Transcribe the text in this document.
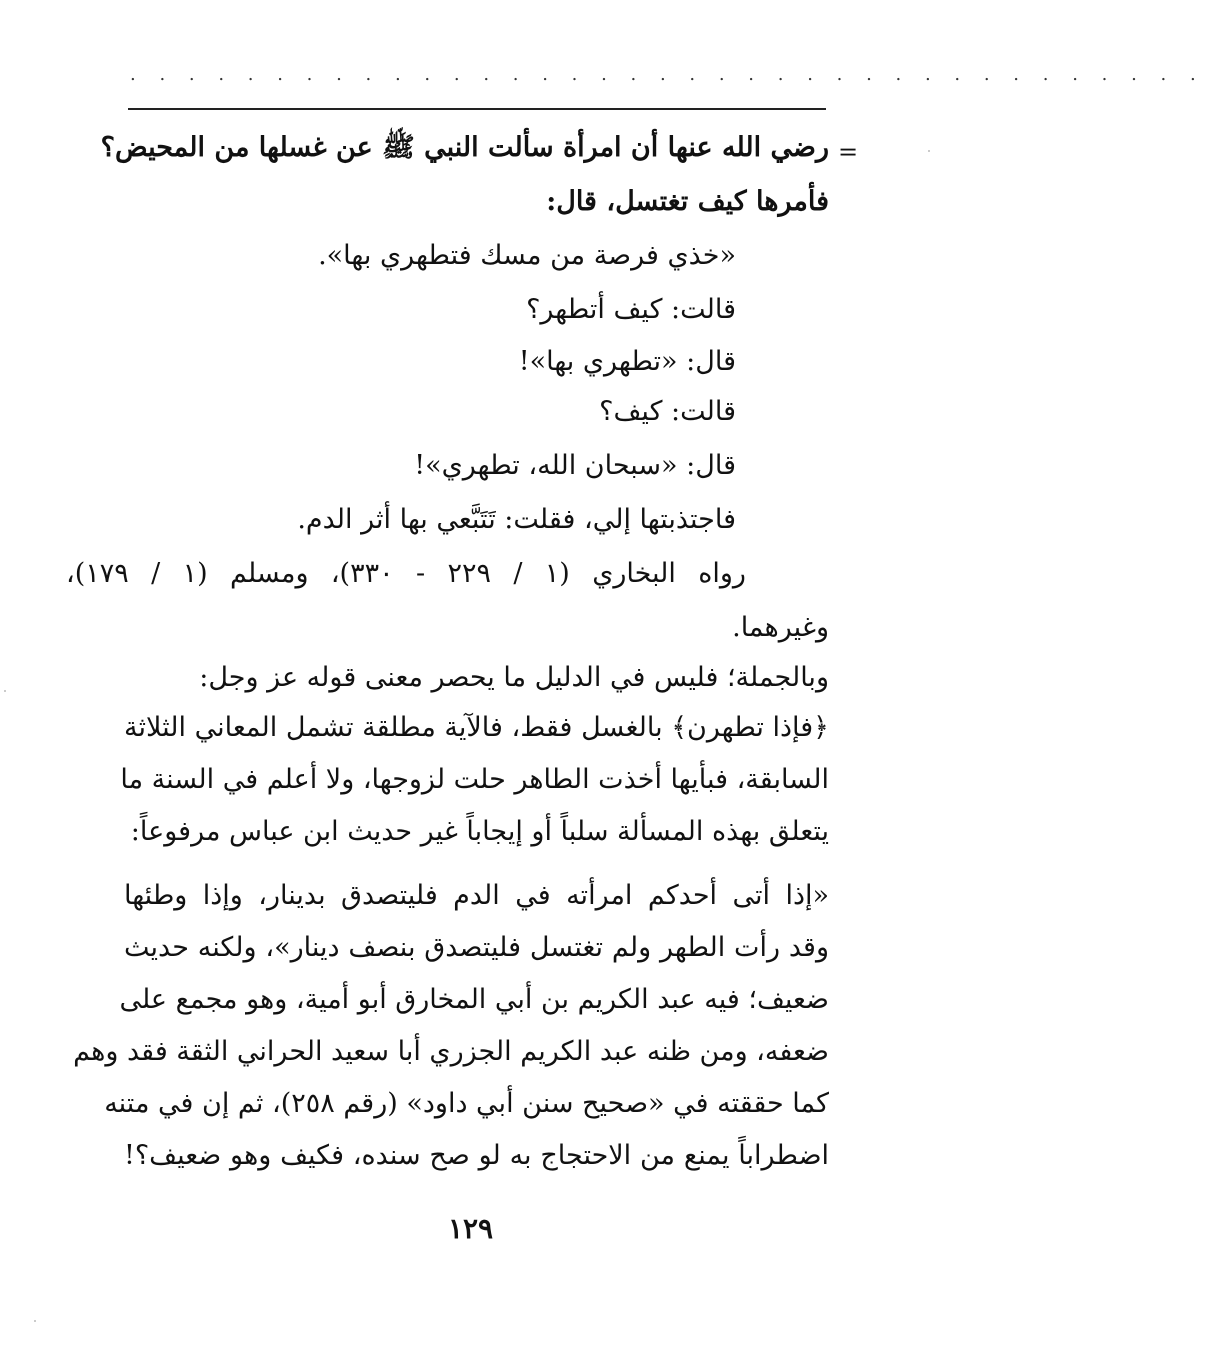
. . . . . . . . . . . . . . . . . . . . . . . . . . . . . . . . . . . . .
=
رضي الله عنها أن امرأة سألت النبي ﷺ عن غسلها من المحيض؟
فأمرها كيف تغتسل، قال:
«خذي فرصة من مسك فتطهري بها».
قالت: كيف أتطهر؟
قال: «تطهري بها»!
قالت: كيف؟
قال: «سبحان الله، تطهري»!
فاجتذبتها إلي، فقلت: تَتَبَّعي بها أثر الدم.
رواه البخاري (١ / ٢٢٩ - ٣٣٠)، ومسلم (١ / ١٧٩)،
وغيرهما.
وبالجملة؛ فليس في الدليل ما يحصر معنى قوله عز وجل:
﴿فإذا تطهرن﴾ بالغسل فقط، فالآية مطلقة تشمل المعاني الثلاثة
السابقة، فبأيها أخذت الطاهر حلت لزوجها، ولا أعلم في السنة ما
يتعلق بهذه المسألة سلباً أو إيجاباً غير حديث ابن عباس مرفوعاً:
«إذا أتى أحدكم امرأته في الدم فليتصدق بدينار، وإذا وطئها
وقد رأت الطهر ولم تغتسل فليتصدق بنصف دينار»، ولكنه حديث
ضعيف؛ فيه عبد الكريم بن أبي المخارق أبو أمية، وهو مجمع على
ضعفه، ومن ظنه عبد الكريم الجزري أبا سعيد الحراني الثقة فقد وهم
كما حققته في «صحيح سنن أبي داود» (رقم ٢٥٨)، ثم إن في متنه
اضطراباً يمنع من الاحتجاج به لو صح سنده، فكيف وهو ضعيف؟!
١٢٩
